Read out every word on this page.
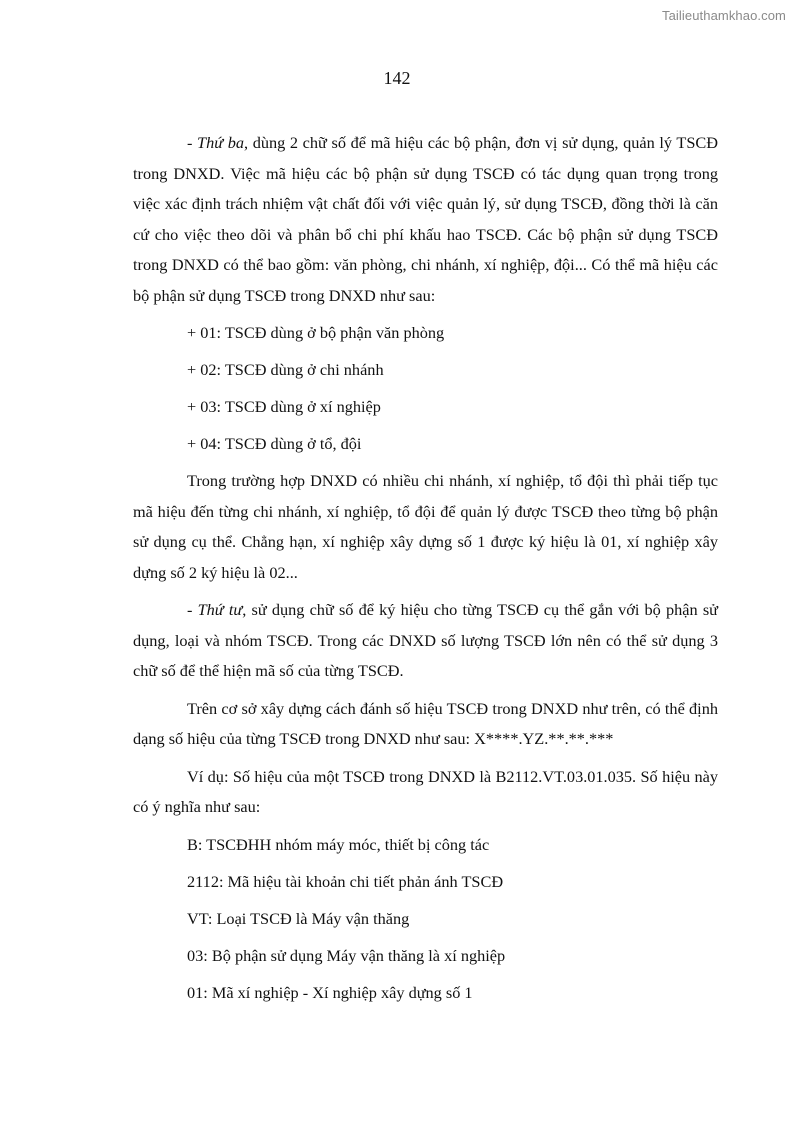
Tailieuthamkhao.com
142

- Thứ ba, dùng 2 chữ số để mã hiệu các bộ phận, đơn vị sử dụng, quản lý TSCĐ trong DNXD. Việc mã hiệu các bộ phận sử dụng TSCĐ có tác dụng quan trọng trong việc xác định trách nhiệm vật chất đối với việc quản lý, sử dụng TSCĐ, đồng thời là căn cứ cho việc theo dõi và phân bổ chi phí khấu hao TSCĐ. Các bộ phận sử dụng TSCĐ trong DNXD có thể bao gồm: văn phòng, chi nhánh, xí nghiệp, đội... Có thể mã hiệu các bộ phận sử dụng TSCĐ trong DNXD như sau:

+ 01: TSCĐ dùng ở bộ phận văn phòng
+ 02: TSCĐ dùng ở chi nhánh
+ 03: TSCĐ dùng ở xí nghiệp
+ 04: TSCĐ dùng ở tổ, đội

Trong trường hợp DNXD có nhiều chi nhánh, xí nghiệp, tổ đội thì phải tiếp tục mã hiệu đến từng chi nhánh, xí nghiệp, tổ đội để quản lý được TSCĐ theo từng bộ phận sử dụng cụ thể. Chẳng hạn, xí nghiệp xây dựng số 1 được ký hiệu là 01, xí nghiệp xây dựng số 2 ký hiệu là 02...

- Thứ tư, sử dụng chữ số để ký hiệu cho từng TSCĐ cụ thể gắn với bộ phận sử dụng, loại và nhóm TSCĐ. Trong các DNXD số lượng TSCĐ lớn nên có thể sử dụng 3 chữ số để thể hiện mã số của từng TSCĐ.

Trên cơ sở xây dựng cách đánh số hiệu TSCĐ trong DNXD như trên, có thể định dạng số hiệu của từng TSCĐ trong DNXD như sau: X****.YZ.**.**.***

Ví dụ: Số hiệu của một TSCĐ trong DNXD là B2112.VT.03.01.035. Số hiệu này có ý nghĩa như sau:

B: TSCĐHH nhóm máy móc, thiết bị công tác
2112: Mã hiệu tài khoản chi tiết phản ánh TSCĐ
VT: Loại TSCĐ là Máy vận thăng
03: Bộ phận sử dụng Máy vận thăng là xí nghiệp
01: Mã xí nghiệp - Xí nghiệp xây dựng số 1
